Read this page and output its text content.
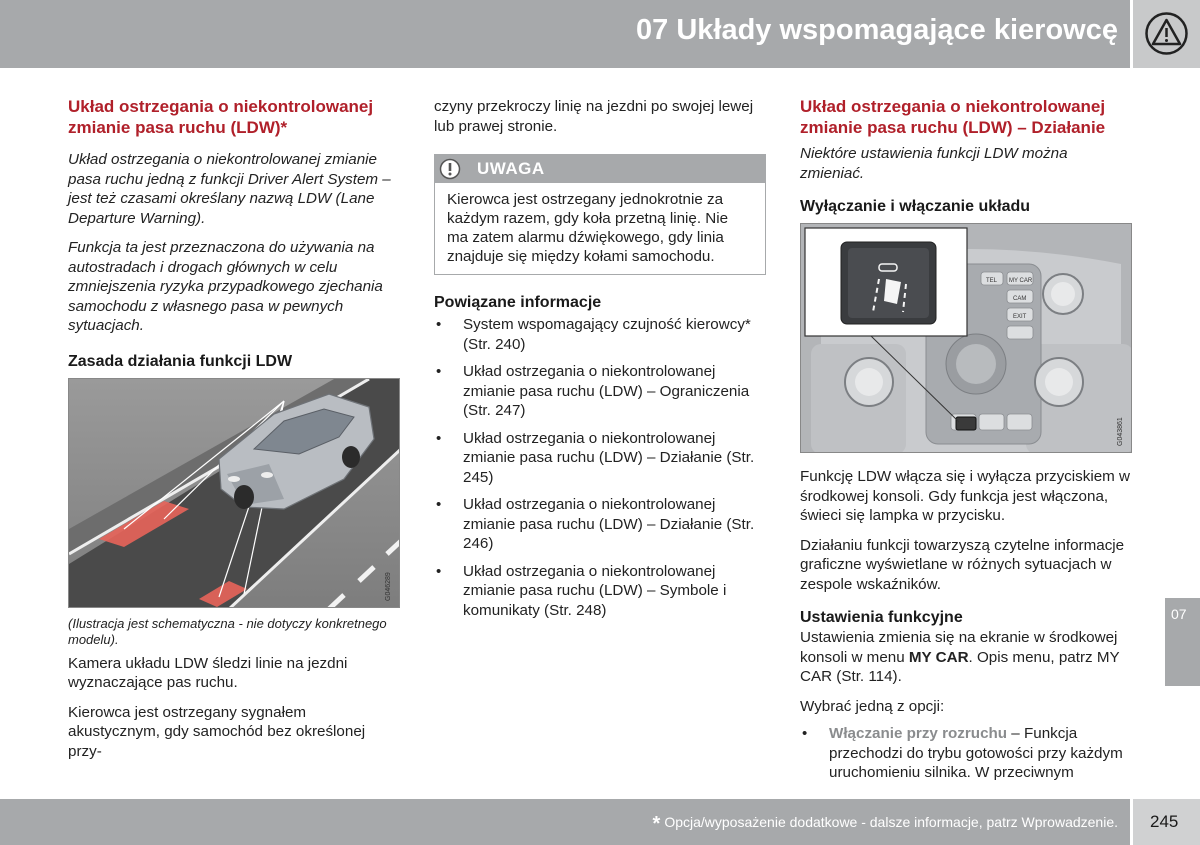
07 Układy wspomagające kierowcę
Układ ostrzegania o niekontrolowanej zmianie pasa ruchu (LDW)*
Układ ostrzegania o niekontrolowanej zmianie pasa ruchu jedną z funkcji Driver Alert System – jest też czasami określany nazwą LDW (Lane Departure Warning).
Funkcja ta jest przeznaczona do używania na autostradach i drogach głównych w celu zmniejszenia ryzyka przypadkowego zjechania samochodu z własnego pasa w pewnych sytuacjach.
Zasada działania funkcji LDW
G046289
(Ilustracja jest schematyczna - nie dotyczy konkretnego modelu).
Kamera układu LDW śledzi linie na jezdni wyznaczające pas ruchu.
Kierowca jest ostrzegany sygnałem akustycznym, gdy samochód bez określonej przy-
czyny przekroczy linię na jezdni po swojej lewej lub prawej stronie.
UWAGA
Kierowca jest ostrzegany jednokrotnie za każdym razem, gdy koła przetną linię. Nie ma zatem alarmu dźwiękowego, gdy linia znajduje się między kołami samochodu.
Powiązane informacje
• System wspomagający czujność kierowcy* (Str. 240)
• Układ ostrzegania o niekontrolowanej zmianie pasa ruchu (LDW) – Ograniczenia (Str. 247)
• Układ ostrzegania o niekontrolowanej zmianie pasa ruchu (LDW) – Działanie (Str. 245)
• Układ ostrzegania o niekontrolowanej zmianie pasa ruchu (LDW) – Działanie (Str. 246)
• Układ ostrzegania o niekontrolowanej zmianie pasa ruchu (LDW) – Symbole i komunikaty (Str. 248)
Układ ostrzegania o niekontrolowanej zmianie pasa ruchu (LDW) – Działanie
Niektóre ustawienia funkcji LDW można zmieniać.
Wyłączanie i włączanie układu
TEL MY CAR
CAM
EXIT
G043861
Funkcję LDW włącza się i wyłącza przyciskiem w środkowej konsoli. Gdy funkcja jest włączona, świeci się lampka w przycisku.
Działaniu funkcji towarzyszą czytelne informacje graficzne wyświetlane w różnych sytuacjach w zespole wskaźników.
Ustawienia funkcyjne
Ustawienia zmienia się na ekranie w środkowej konsoli w menu MY CAR. Opis menu, patrz MY CAR (Str. 114).
Wybrać jedną z opcji:
• Włączanie przy rozruchu – Funkcja przechodzi do trybu gotowości przy każdym uruchomieniu silnika. W przeciwnym
07
* Opcja/wyposażenie dodatkowe - dalsze informacje, patrz Wprowadzenie. 245
